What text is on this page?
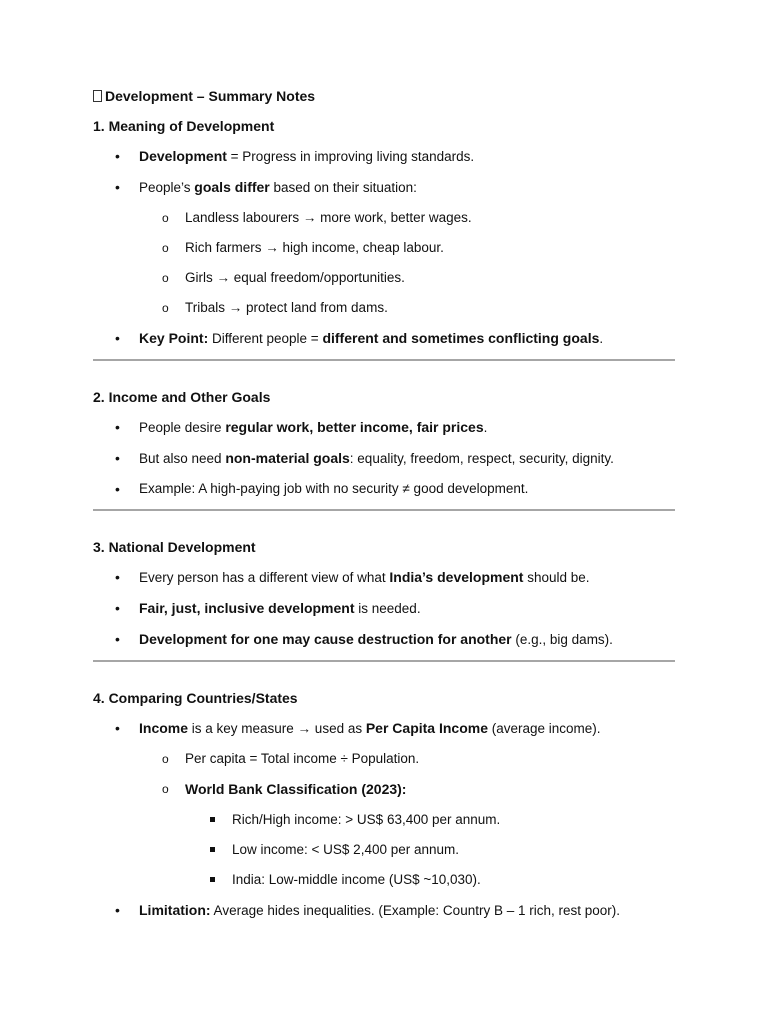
Development – Summary Notes

1. Meaning of Development

• Development = Progress in improving living standards.
• People’s goals differ based on their situation:
o Landless labourers → more work, better wages.
o Rich farmers → high income, cheap labour.
o Girls → equal freedom/opportunities.
o Tribals → protect land from dams.
• Key Point: Different people = different and sometimes conflicting goals.

2. Income and Other Goals

• People desire regular work, better income, fair prices.
• But also need non-material goals: equality, freedom, respect, security, dignity.
• Example: A high-paying job with no security ≠ good development.

3. National Development

• Every person has a different view of what India’s development should be.
• Fair, just, inclusive development is needed.
• Development for one may cause destruction for another (e.g., big dams).

4. Comparing Countries/States

• Income is a key measure → used as Per Capita Income (average income).
o Per capita = Total income ÷ Population.
o World Bank Classification (2023):
Rich/High income: > US$ 63,400 per annum.
Low income: < US$ 2,400 per annum.
India: Low-middle income (US$ ~10,030).
• Limitation: Average hides inequalities. (Example: Country B – 1 rich, rest poor).
